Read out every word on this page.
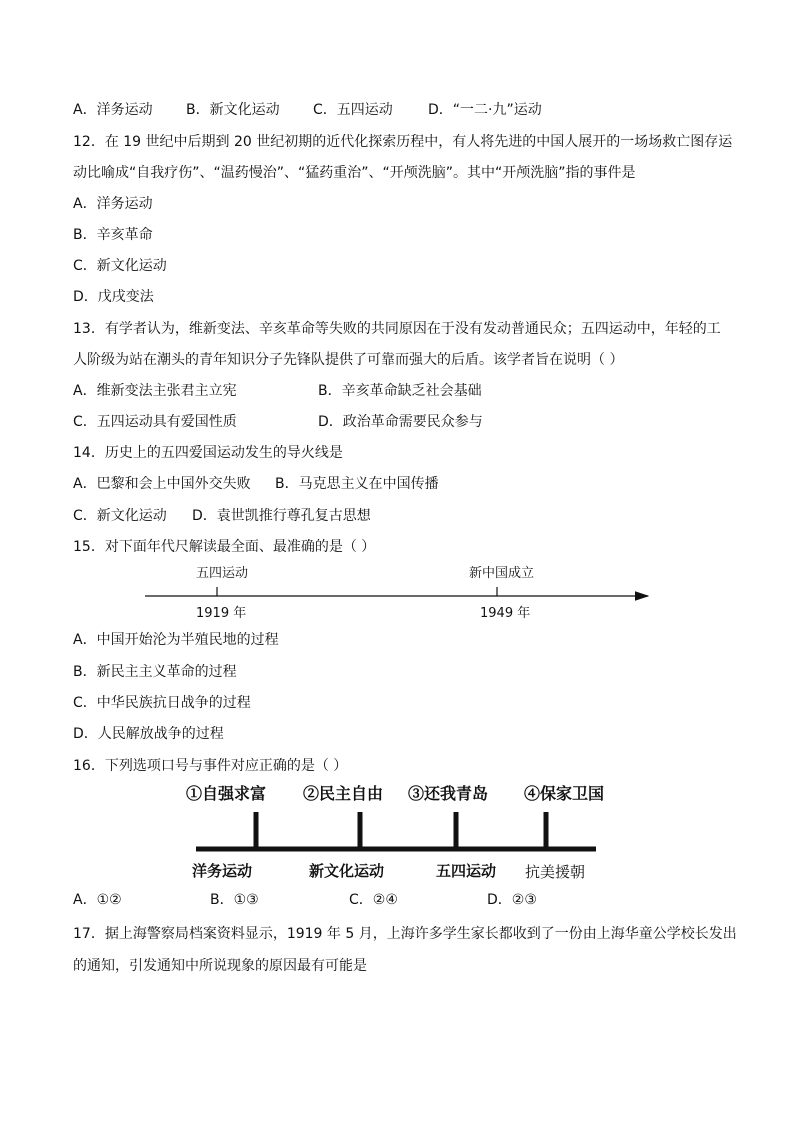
A．洋务运动 B．新文化运动 C．五四运动	D．“一二·九”运动
12．在 19 世纪中后期到 20 世纪初期的近代化探索历程中，有人将先进的中国人展开的一场场救亡图存运
动比喻成“自我疗伤”、“温药慢治”、“猛药重治”、“开颅洗脑”。其中“开颅洗脑”指的事件是
A．洋务运动
B．辛亥革命
C．新文化运动
D．戊戌变法
13．有学者认为，维新变法、辛亥革命等失败的共同原因在于没有发动普通民众；五四运动中，年轻的工
人阶级为站在潮头的青年知识分子先锋队提供了可靠而强大的后盾。该学者旨在说明（ ）
A．维新变法主张君主立宪	B．辛亥革命缺乏社会基础
C．五四运动具有爱国性质	D．政治革命需要民众参与
14．历史上的五四爱国运动发生的导火线是
A．巴黎和会上中国外交失败 B．马克思主义在中国传播
C．新文化运动 D．袁世凯推行尊孔复古思想
15．对下面年代尺解读最全面、最准确的是（ ）
五四运动
1919 年
新中国成立
1949 年
A．中国开始沦为半殖民地的过程
B．新民主主义革命的过程
C．中华民族抗日战争的过程
D．人民解放战争的过程
16．下列选项口号与事件对应正确的是（ ）
①自强求富 ②民主自由 ③还我青岛 ④保家卫国
洋务运动	新文化运动	五四运动 抗美援朝
A．①②	B．①③	C．②④	D．②③
17．据上海警察局档案资料显示，1919 年 5 月，上海许多学生家长都收到了一份由上海华童公学校长发出
的通知，引发通知中所说现象的原因最有可能是
